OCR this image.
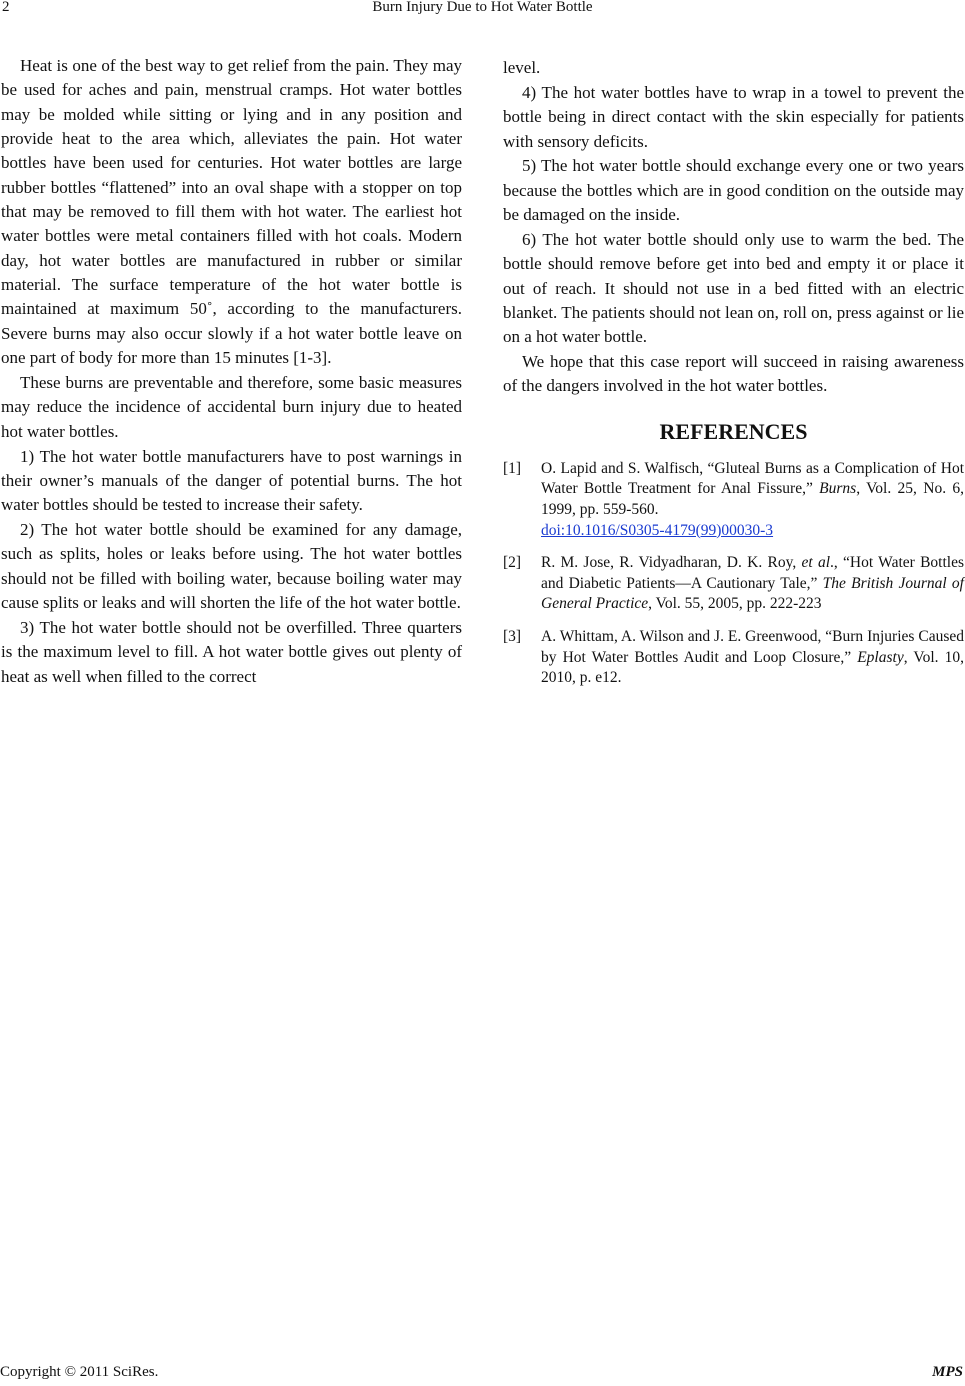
2	Burn Injury Due to Hot Water Bottle

Heat is one of the best way to get relief from the pain. They may be used for aches and pain, menstrual cramps. Hot water bottles may be molded while sitting or lying and in any position and provide heat to the area which, alleviates the pain. Hot water bottles have been used for centuries. Hot water bottles are large rubber bottles “flattened” into an oval shape with a stopper on top that may be removed to fill them with hot water. The earliest hot water bottles were metal containers filled with hot coals. Modern day, hot water bottles are manufactured in rubber or similar material. The surface temperature of the hot water bottle is maintained at maximum 50˚, according to the manufacturers. Severe burns may also occur slowly if a hot water bottle leave on one part of body for more than 15 minutes [1-3].

These burns are preventable and therefore, some basic measures may reduce the incidence of accidental burn injury due to heated hot water bottles.

1) The hot water bottle manufacturers have to post warnings in their owner’s manuals of the danger of potential burns. The hot water bottles should be tested to increase their safety.

2) The hot water bottle should be examined for any damage, such as splits, holes or leaks before using. The hot water bottles should not be filled with boiling water, because boiling water may cause splits or leaks and will shorten the life of the hot water bottle.

3) The hot water bottle should not be overfilled. Three quarters is the maximum level to fill. A hot water bottle gives out plenty of heat as well when filled to the correct

level.

4) The hot water bottles have to wrap in a towel to prevent the bottle being in direct contact with the skin especially for patients with sensory deficits.

5) The hot water bottle should exchange every one or two years because the bottles which are in good condition on the outside may be damaged on the inside.

6) The hot water bottle should only use to warm the bed. The bottle should remove before get into bed and empty it or place it out of reach. It should not use in a bed fitted with an electric blanket. The patients should not lean on, roll on, press against or lie on a hot water bottle.

We hope that this case report will succeed in raising awareness of the dangers involved in the hot water bottles.

REFERENCES
[1] O. Lapid and S. Walfisch, “Gluteal Burns as a Complication of Hot Water Bottle Treatment for Anal Fissure,” Burns, Vol. 25, No. 6, 1999, pp. 559-560.
doi:10.1016/S0305-4179(99)00030-3
[2] R. M. Jose, R. Vidyadharan, D. K. Roy, et al., “Hot Water Bottles and Diabetic Patients—A Cautionary Tale,” The British Journal of General Practice, Vol. 55, 2005, pp. 222-223
[3] A. Whittam, A. Wilson and J. E. Greenwood, “Burn Injuries Caused by Hot Water Bottles Audit and Loop Closure,” Eplasty, Vol. 10, 2010, p. e12.
Copyright © 2011 SciRes.	MPS
